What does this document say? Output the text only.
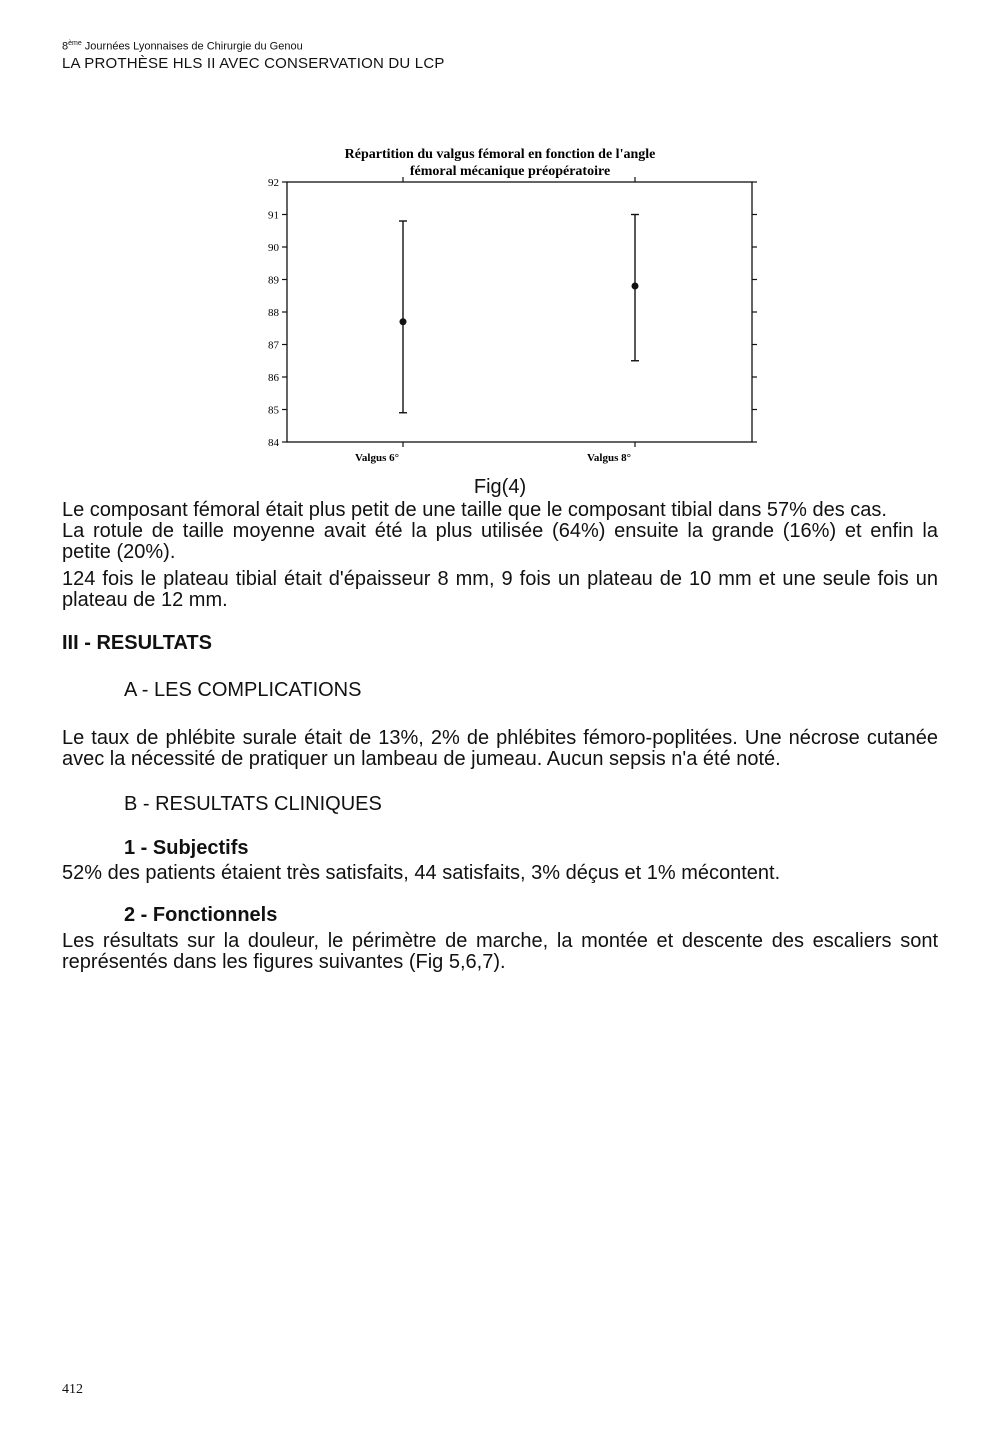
8ème Journées Lyonnaises de Chirurgie du Genou
LA PROTHÈSE HLS II AVEC CONSERVATION DU LCP
Répartition du valgus fémoral en fonction de l'angle
fémoral mécanique préopératoire
84
85
86
87
88
89
90
91
92
Valgus 6°	Valgus 8°
Fig(4)
Le composant fémoral était plus petit de une taille que le composant tibial dans 57% des cas.
La rotule de taille moyenne avait été la plus utilisée (64%) ensuite la grande (16%) et enfin la petite (20%).
124 fois le plateau tibial était d'épaisseur 8 mm, 9 fois un plateau de 10 mm et une seule fois un plateau de 12 mm.
III - RESULTATS
A - LES COMPLICATIONS
Le taux de phlébite surale était de 13%, 2% de phlébites fémoro-poplitées. Une nécrose cutanée avec la nécessité de pratiquer un lambeau de jumeau. Aucun sepsis n'a été noté.
B - RESULTATS CLINIQUES
1 - Subjectifs
52% des patients étaient très satisfaits, 44 satisfaits, 3% déçus et 1% mécontent.
2 - Fonctionnels
Les résultats sur la douleur, le périmètre de marche, la montée et descente des escaliers sont représentés dans les figures suivantes (Fig 5,6,7).
412
